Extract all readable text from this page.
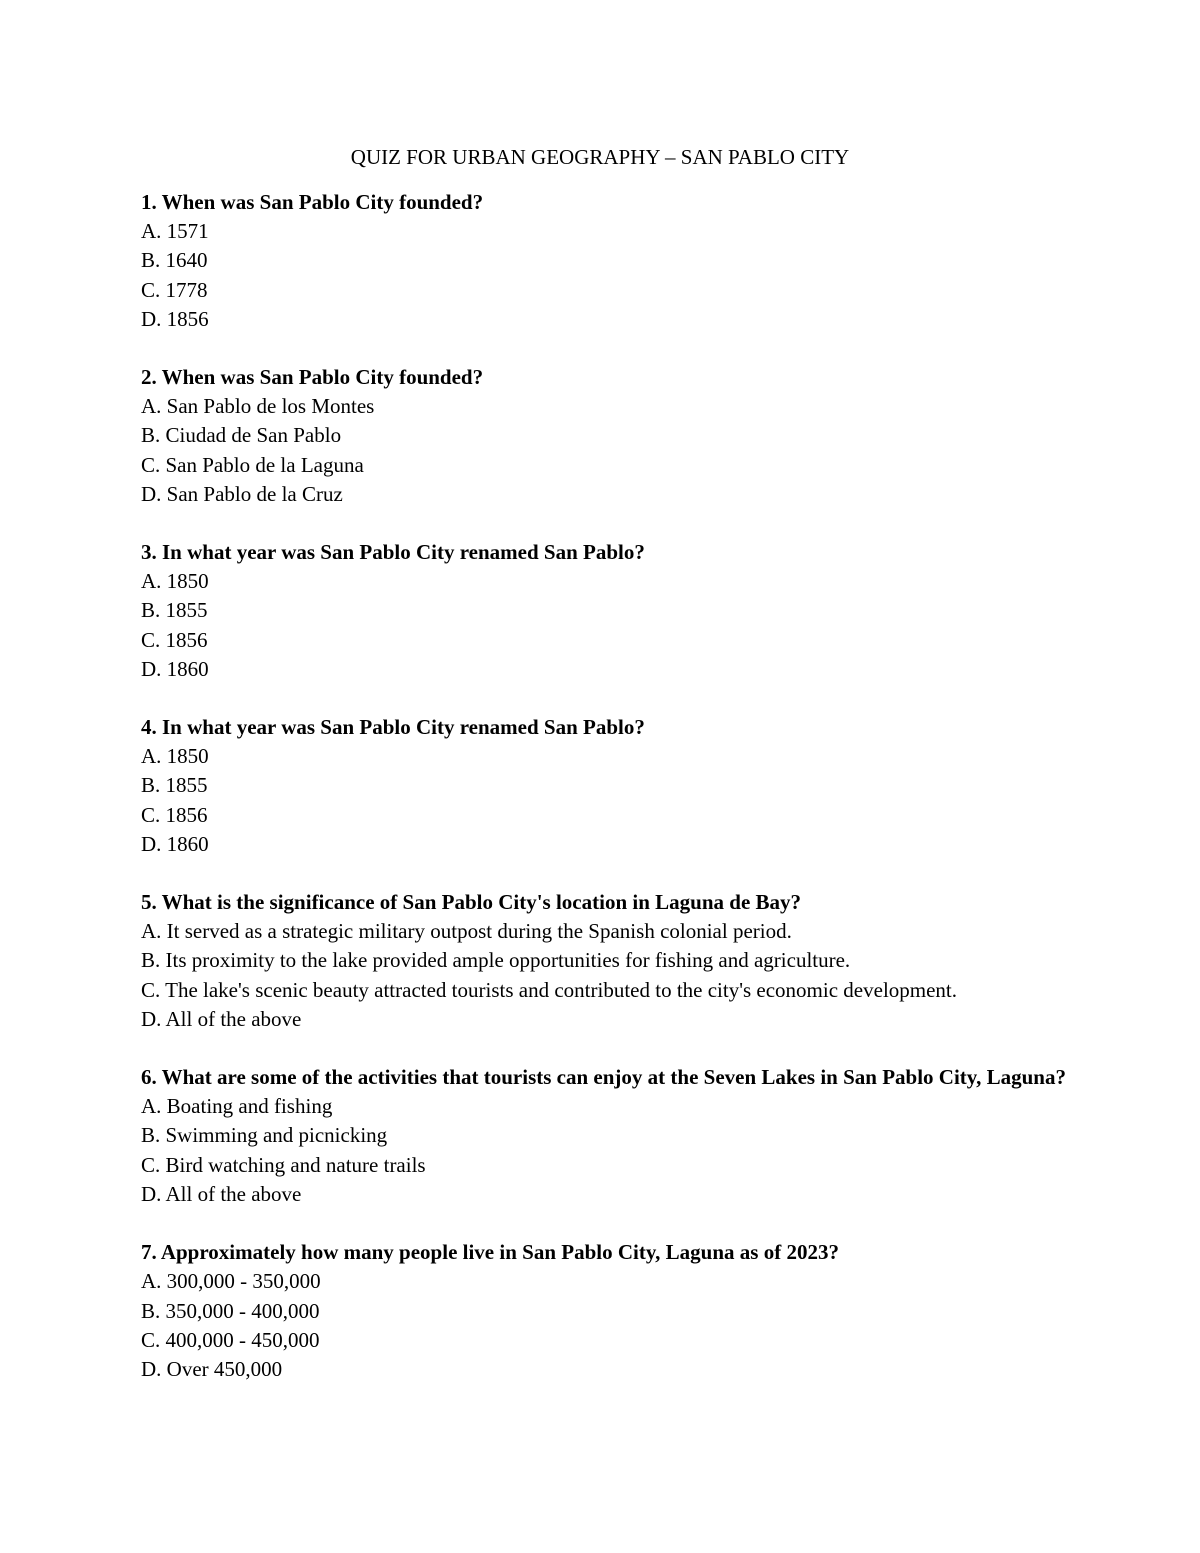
QUIZ FOR URBAN GEOGRAPHY – SAN PABLO CITY

1. When was San Pablo City founded?

A. 1571

B. 1640

C. 1778

D. 1856

2. When was San Pablo City founded?

A. San Pablo de los Montes

B. Ciudad de San Pablo

C. San Pablo de la Laguna

D. San Pablo de la Cruz

3. In what year was San Pablo City renamed San Pablo?

A. 1850

B. 1855

C. 1856

D. 1860

4. In what year was San Pablo City renamed San Pablo?

A. 1850

B. 1855

C. 1856

D. 1860

5. What is the significance of San Pablo City's location in Laguna de Bay?

A. It served as a strategic military outpost during the Spanish colonial period.

B. Its proximity to the lake provided ample opportunities for fishing and agriculture.

C. The lake's scenic beauty attracted tourists and contributed to the city's economic development.

D. All of the above

6. What are some of the activities that tourists can enjoy at the Seven Lakes in San Pablo City, Laguna?

A. Boating and fishing

B. Swimming and picnicking

C. Bird watching and nature trails

D. All of the above

7. Approximately how many people live in San Pablo City, Laguna as of 2023?

A. 300,000 - 350,000

B. 350,000 - 400,000

C. 400,000 - 450,000

D. Over 450,000
